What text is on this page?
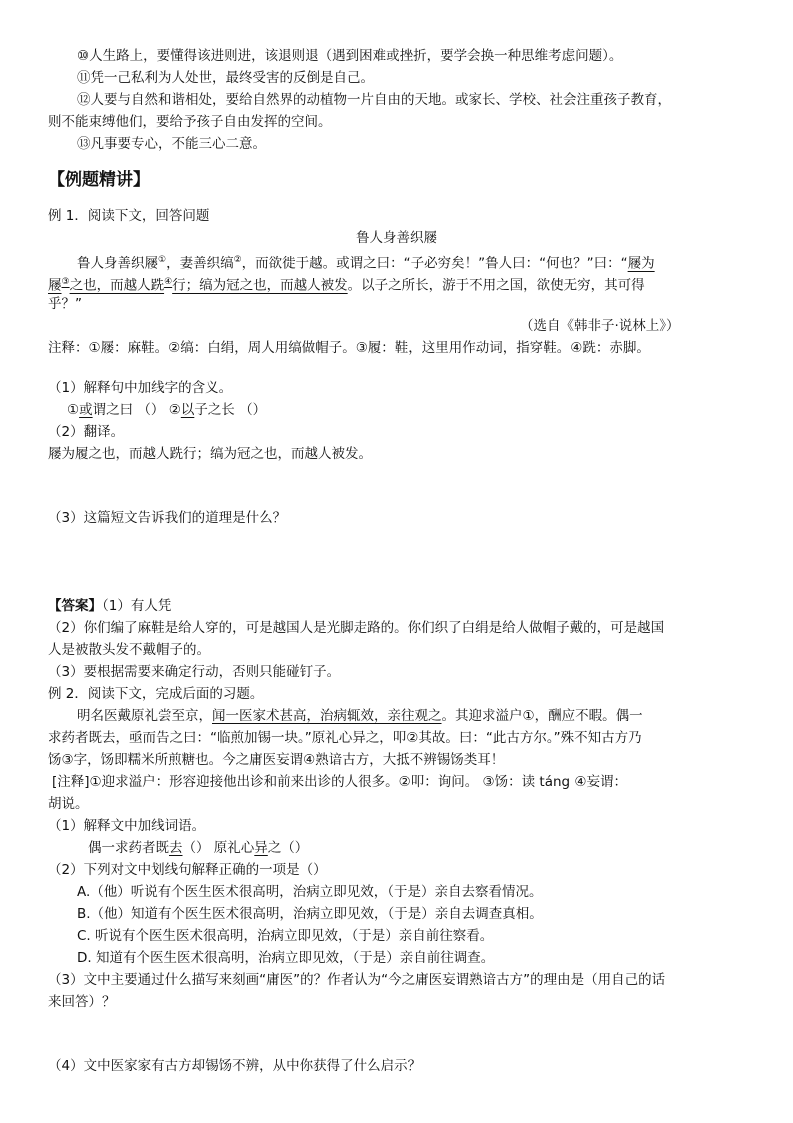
⑩人生路上，要懂得该进则进，该退则退（遇到困难或挫折，要学会换一种思维考虑问题）。
⑪凭一己私利为人处世，最终受害的反倒是自己。
⑫人要与自然和谐相处，要给自然界的动植物一片自由的天地。或家长、学校、社会注重孩子教育，
则不能束缚他们，要给予孩子自由发挥的空间。
⑬凡事要专心，不能三心二意。
【例题精讲】
例 1．阅读下文，回答问题
鲁人身善织屦
鲁人身善织屦①，妻善织缟②，而欲徙于越。或谓之曰：“子必穷矣！”鲁人曰：“何也？”曰：“屦为
屦③之也，而越人跣④行；缟为冠之也，而越人被发。以子之所长，游于不用之国，欲使无穷，其可得
乎？”
（选自《韩非子·说林上》）
注释：①屦：麻鞋。②缟：白绢，周人用缟做帽子。③履：鞋，这里用作动词，指穿鞋。④跣：赤脚。
（1）解释句中加线字的含义。
①或谓之曰 （） ②以子之长 （）
（2）翻译。
屦为履之也，而越人跣行；缟为冠之也，而越人被发。
（3）这篇短文告诉我们的道理是什么？
【答案】（1）有人凭
（2）你们编了麻鞋是给人穿的，可是越国人是光脚走路的。你们织了白绢是给人做帽子戴的，可是越国
人是被散头发不戴帽子的。
（3）要根据需要来确定行动，否则只能碰钉子。
例 2．阅读下文，完成后面的习题。
明名医戴原礼尝至京，闻一医家术甚高，治病辄效，亲往观之。其迎求溢户①，酬应不暇。偶一
求药者既去，亟而告之曰：“临煎加锡一块。”原礼心异之，叩②其故。曰：“此古方尔。”殊不知古方乃
饧③字，饧即糯米所煎糖也。今之庸医妄谓④熟谙古方，大抵不辨锡饧类耳！
[注释]①迎求溢户：形容迎接他出诊和前来出诊的人很多。②叩：询问。 ③饧：读 táng ④妄谓：
胡说。
（1）解释文中加线词语。
偶一求药者既去（） 原礼心异之（）
（2）下列对文中划线句解释正确的一项是（）
A.（他）听说有个医生医术很高明，治病立即见效，（于是）亲自去察看情况。
B.（他）知道有个医生医术很高明，治病立即见效，（于是）亲自去调查真相。
C. 听说有个医生医术很高明，治病立即见效，（于是）亲自前往察看。
D. 知道有个医生医术很高明，治病立即见效，（于是）亲自前往调查。
（3）文中主要通过什么描写来刻画“庸医”的？作者认为“今之庸医妄谓熟谙古方”的理由是（用自己的话
来回答）？
（4）文中医家家有古方却锡饧不辨，从中你获得了什么启示？
